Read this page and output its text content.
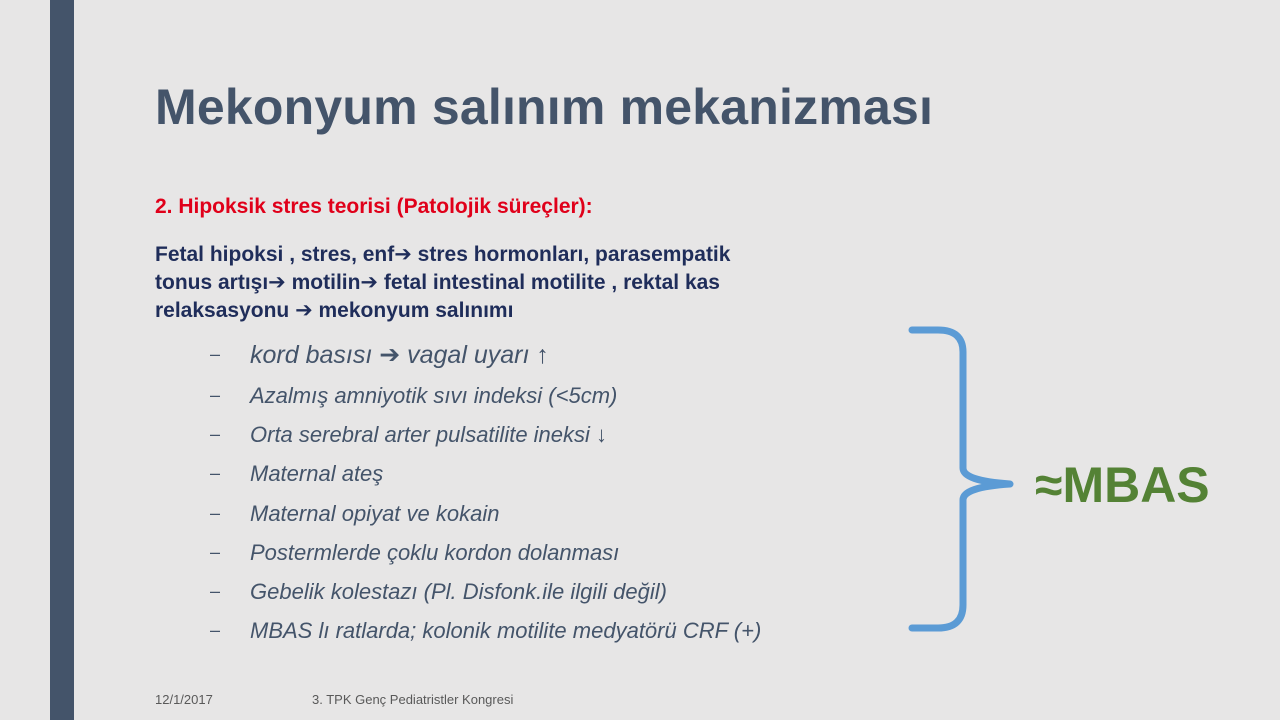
Mekonyum salınım mekanizması
2. Hipoksik stres teorisi (Patolojik süreçler):
Fetal hipoksi , stres, enf➔ stres hormonları, parasempatik
tonus artışı➔ motilin➔ fetal intestinal motilite , rektal kas
relaksasyonu ➔ mekonyum salınımı
– kord basısı ➔ vagal uyarı ↑
– Azalmış amniyotik sıvı indeksi (<5cm)
– Orta serebral arter pulsatilite ineksi ↓
– Maternal ateş
– Maternal opiyat ve kokain
– Postermlerde çoklu kordon dolanması
– Gebelik kolestazı (Pl. Disfonk.ile ilgili değil)
– MBAS lı ratlarda; kolonik motilite medyatörü CRF (+)
≈MBAS
12/1/2017	3. TPK Genç Pediatristler Kongresi
